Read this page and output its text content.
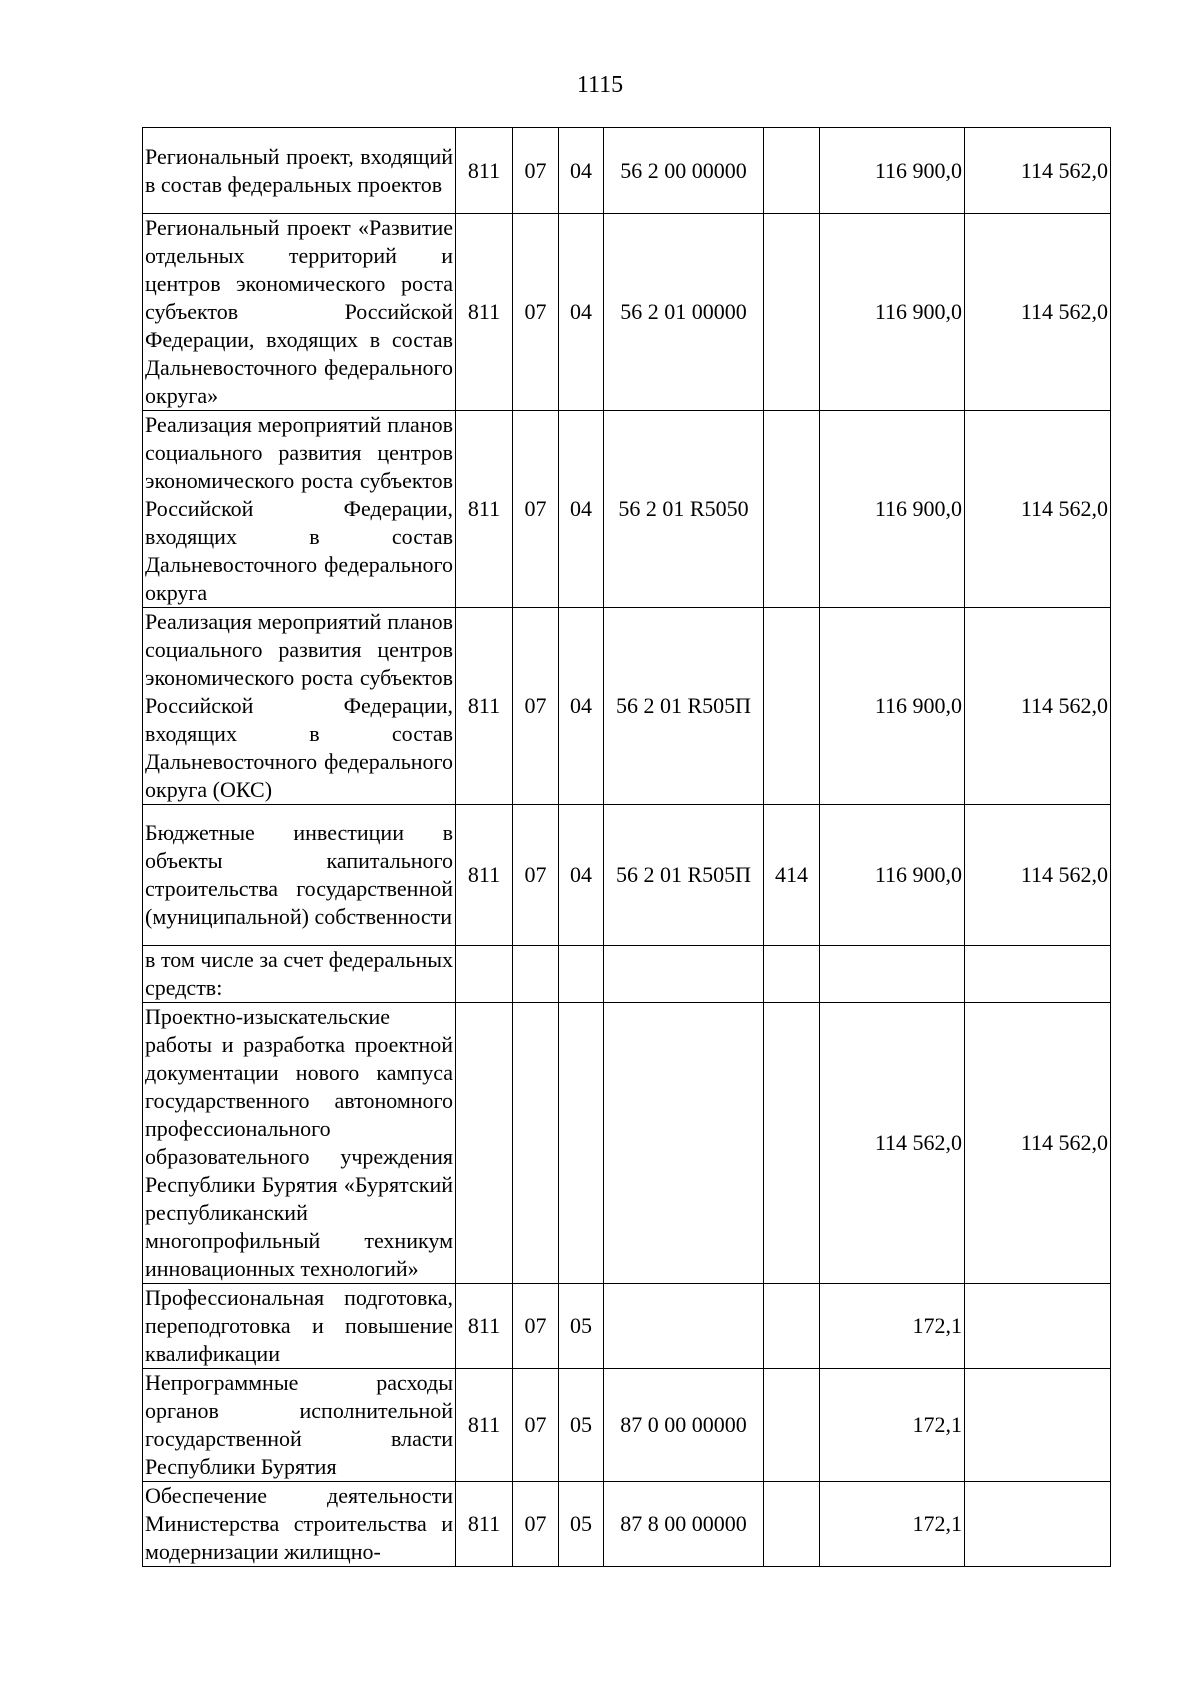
1115
Региональный проект, входящий в состав федеральных проектов	811	07	04	56 2 00 00000		116 900,0	114 562,0
Региональный проект «Развитие отдельных территорий и центров экономического роста субъектов Российской Федерации, входящих в состав Дальневосточного федерального округа»	811	07	04	56 2 01 00000		116 900,0	114 562,0
Реализация мероприятий планов социального развития центров экономического роста субъектов Российской Федерации, входящих в состав Дальневосточного федерального округа	811	07	04	56 2 01 R5050		116 900,0	114 562,0
Реализация мероприятий планов социального развития центров экономического роста субъектов Российской Федерации, входящих в состав Дальневосточного федерального округа (ОКС)	811	07	04	56 2 01 R505П		116 900,0	114 562,0
Бюджетные инвестиции в объекты капитального строительства государственной (муниципальной) собственности	811	07	04	56 2 01 R505П	414	116 900,0	114 562,0
в том числе за счет федеральных средств:							
Проектно-изыскательские работы и разработка проектной документации нового кампуса государственного автономного профессионального образовательного учреждения Республики Бурятия «Бурятский республиканский многопрофильный техникум инновационных технологий»						114 562,0	114 562,0
Профессиональная подготовка, переподготовка и повышение квалификации	811	07	05			172,1	
Непрограммные расходы органов исполнительной государственной власти Республики Бурятия	811	07	05	87 0 00 00000		172,1	
Обеспечение деятельности Министерства строительства и модернизации жилищно-	811	07	05	87 8 00 00000		172,1	
